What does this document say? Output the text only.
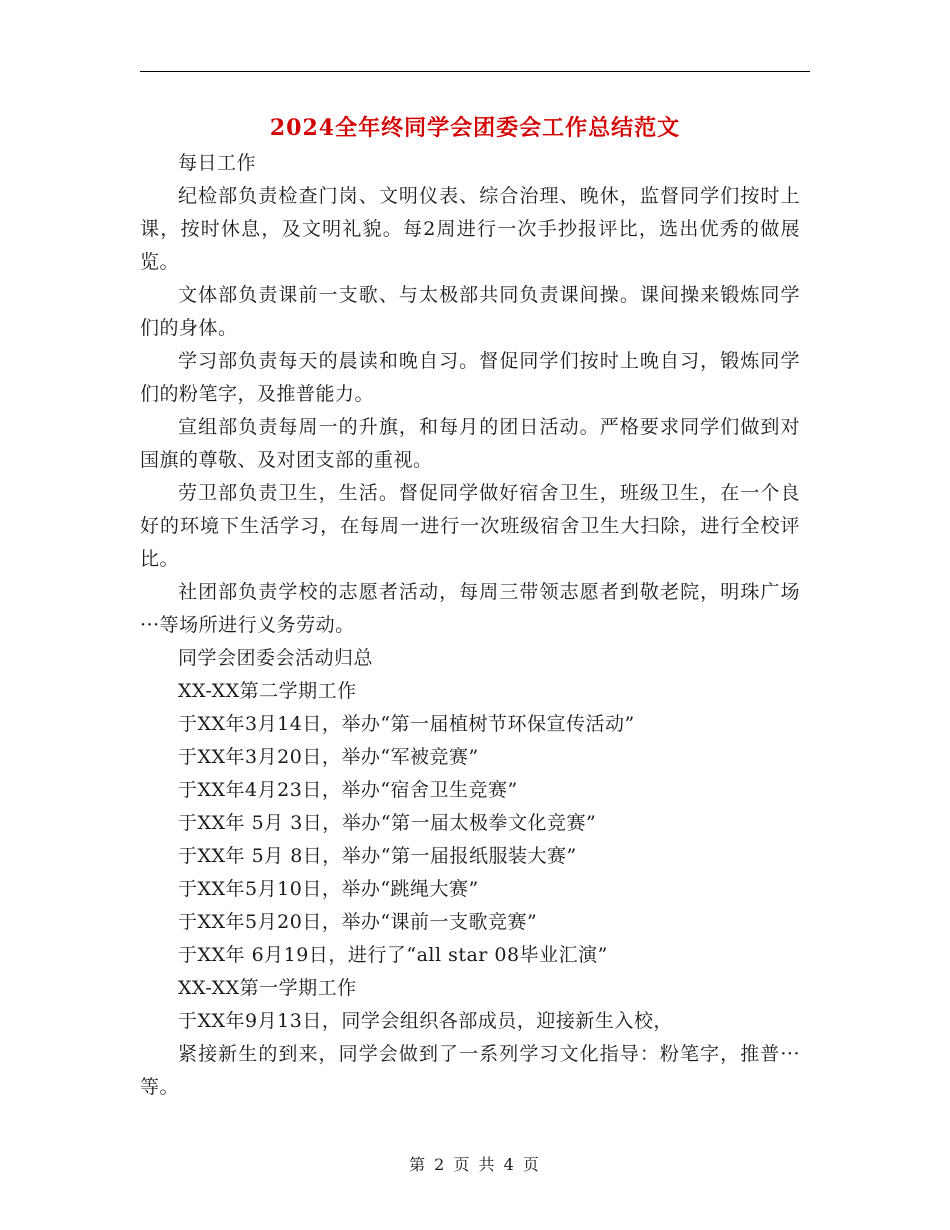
2024全年终同学会团委会工作总结范文

每日工作

纪检部负责检查门岗、文明仪表、综合治理、晚休，监督同学们按时上课，按时休息，及文明礼貌。每2周进行一次手抄报评比，选出优秀的做展览。

文体部负责课前一支歌、与太极部共同负责课间操。课间操来锻炼同学们的身体。

学习部负责每天的晨读和晚自习。督促同学们按时上晚自习，锻炼同学们的粉笔字，及推普能力。

宣组部负责每周一的升旗，和每月的团日活动。严格要求同学们做到对国旗的尊敬、及对团支部的重视。

劳卫部负责卫生，生活。督促同学做好宿舍卫生，班级卫生，在一个良好的环境下生活学习，在每周一进行一次班级宿舍卫生大扫除，进行全校评比。

社团部负责学校的志愿者活动，每周三带领志愿者到敬老院，明珠广场···等场所进行义务劳动。

同学会团委会活动归总

XX-XX第二学期工作

于XX年3月14日，举办“第一届植树节环保宣传活动”

于XX年3月20日，举办“军被竞赛”

于XX年4月23日，举办“宿舍卫生竞赛”

于XX年 5月 3日，举办“第一届太极拳文化竞赛”

于XX年 5月 8日，举办“第一届报纸服装大赛”

于XX年5月10日，举办“跳绳大赛”

于XX年5月20日，举办“课前一支歌竞赛”

于XX年 6月19日，进行了“all star 08毕业汇演”

XX-XX第一学期工作

于XX年9月13日，同学会组织各部成员，迎接新生入校，

紧接新生的到来，同学会做到了一系列学习文化指导：粉笔字，推普···等。

第 2 页 共 4 页
